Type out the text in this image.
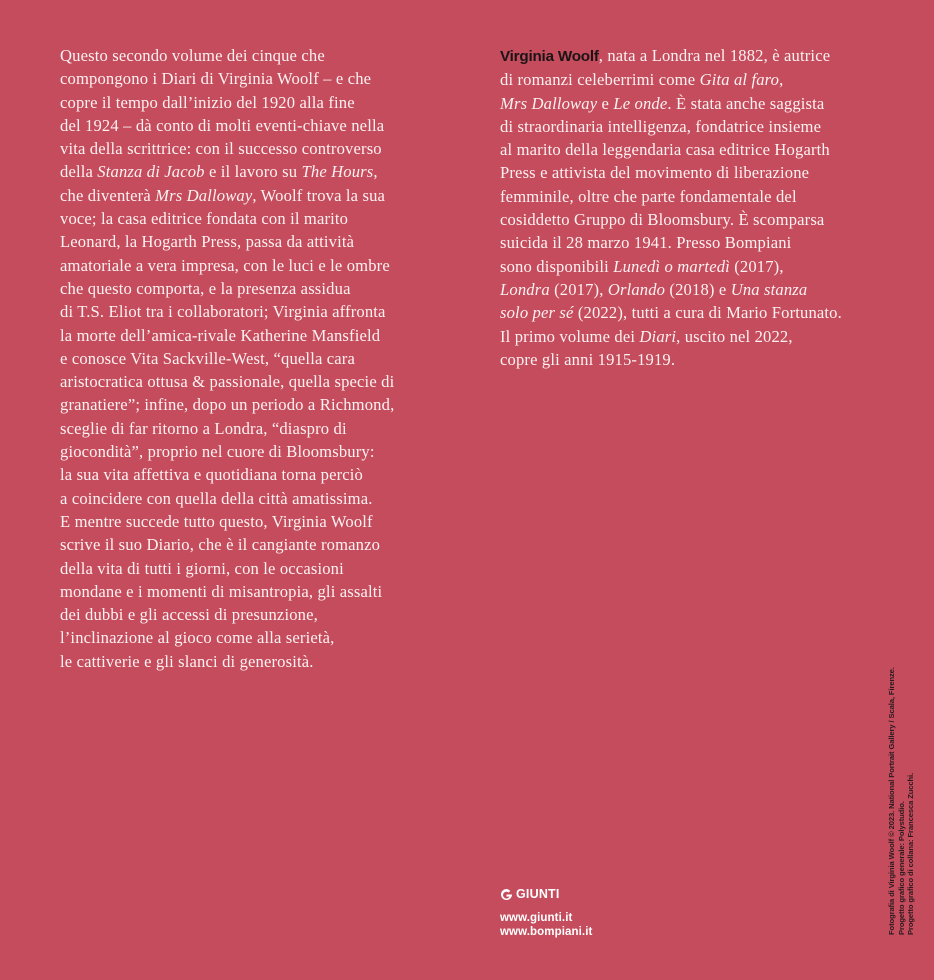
Questo secondo volume dei cinque che
compongono i Diari di Virginia Woolf – e che
copre il tempo dall’inizio del 1920 alla fine
del 1924 – dà conto di molti eventi-chiave nella
vita della scrittrice: con il successo controverso
della Stanza di Jacob e il lavoro su The Hours,
che diventerà Mrs Dalloway, Woolf trova la sua
voce; la casa editrice fondata con il marito
Leonard, la Hogarth Press, passa da attività
amatoriale a vera impresa, con le luci e le ombre
che questo comporta, e la presenza assidua
di T.S. Eliot tra i collaboratori; Virginia affronta
la morte dell’amica-rivale Katherine Mansfield
e conosce Vita Sackville-West, “quella cara
aristocratica ottusa & passionale, quella specie di
granatiere”; infine, dopo un periodo a Richmond,
sceglie di far ritorno a Londra, “diaspro di
giocondità”, proprio nel cuore di Bloomsbury:
la sua vita affettiva e quotidiana torna perciò
a coincidere con quella della città amatissima.
E mentre succede tutto questo, Virginia Woolf
scrive il suo Diario, che è il cangiante romanzo
della vita di tutti i giorni, con le occasioni
mondane e i momenti di misantropia, gli assalti
dei dubbi e gli accessi di presunzione,
l’inclinazione al gioco come alla serietà,
le cattiverie e gli slanci di generosità.
Virginia Woolf, nata a Londra nel 1882, è autrice
di romanzi celeberrimi come Gita al faro,
Mrs Dalloway e Le onde. È stata anche saggista
di straordinaria intelligenza, fondatrice insieme
al marito della leggendaria casa editrice Hogarth
Press e attivista del movimento di liberazione
femminile, oltre che parte fondamentale del
cosiddetto Gruppo di Bloomsbury. È scomparsa
suicida il 28 marzo 1941. Presso Bompiani
sono disponibili Lunedì o martedì (2017),
Londra (2017), Orlando (2018) e Una stanza
solo per sé (2022), tutti a cura di Mario Fortunato.
Il primo volume dei Diari, uscito nel 2022,
copre gli anni 1915-1919.
GIUNTI
www.giunti.it
www.bompiani.it	Fotografia di Virginia Woolf © 2023. National Portrait Gallery / Scala, Firenze. Progetto grafico generale: Polystudio. Progetto grafico di collana: Francesca Zucchi.
